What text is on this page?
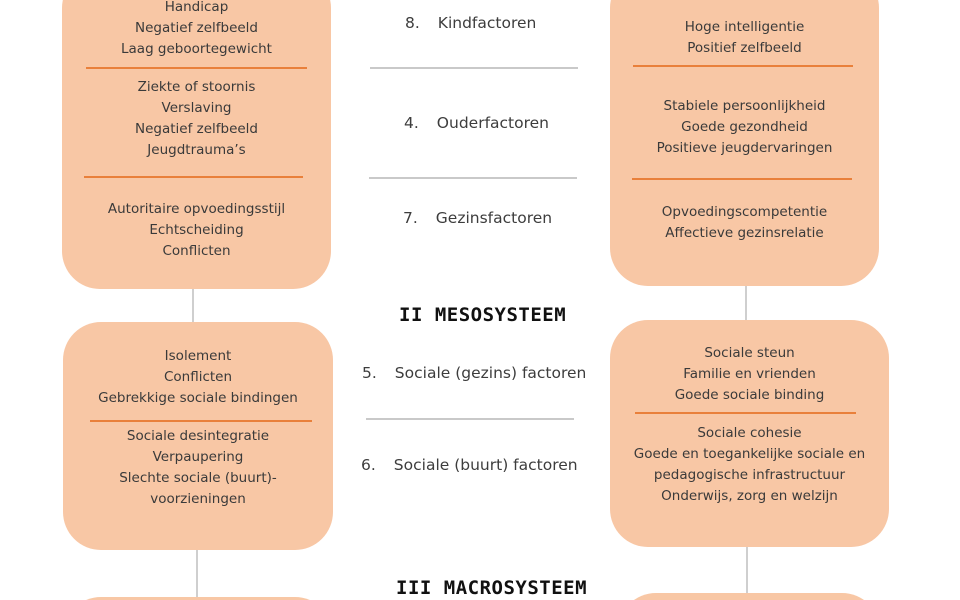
Handicap
Negatief zelfbeeld
Laag geboortegewicht
Ziekte of stoornis
Verslaving
Negatief zelfbeeld
Jeugdtrauma’s
Autoritaire opvoedingsstijl
Echtscheiding
Conflicten
Isolement
Conflicten
Gebrekkige sociale bindingen
Sociale desintegratie
Verpaupering
Slechte sociale (buurt)-
voorzieningen
Hoge intelligentie
Positief zelfbeeld
Stabiele persoonlijkheid
Goede gezondheid
Positieve jeugdervaringen
Opvoedingscompetentie
Affectieve gezinsrelatie
Sociale steun
Familie en vrienden
Goede sociale binding
Sociale cohesie
Goede en toegankelijke sociale en
pedagogische infrastructuur
Onderwijs, zorg en welzijn
8. Kindfactoren
4. Ouderfactoren
7. Gezinsfactoren
II MESOSYSTEEM
5. Sociale (gezins) factoren
6. Sociale (buurt) factoren
III MACROSYSTEEM
